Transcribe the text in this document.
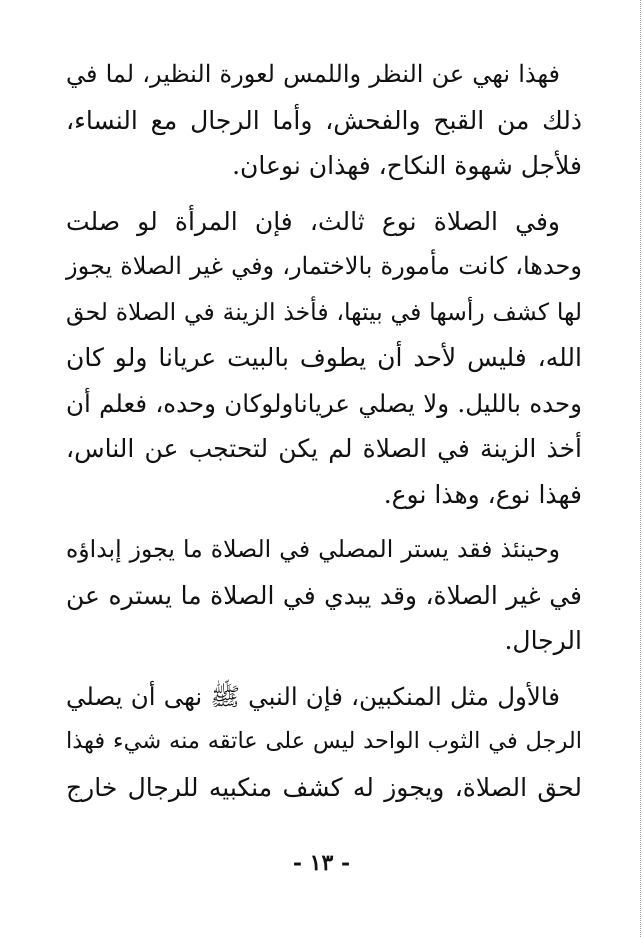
فهذا نهي عن النظر واللمس لعورة النظير، لما في
ذلك من القبح والفحش، وأما الرجال مع النساء،
فلأجل شهوة النكاح، فهذان نوعان.

وفي الصلاة نوع ثالث، فإن المرأة لو صلت
وحدها، كانت مأمورة بالاختمار، وفي غير الصلاة يجوز
لها كشف رأسها في بيتها، فأخذ الزينة في الصلاة لحق
الله، فليس لأحد أن يطوف بالبيت عريانا ولو كان
وحده بالليل. ولا يصلي عرياناولوكان وحده، فعلم أن
أخذ الزينة في الصلاة لم يكن لتحتجب عن الناس،
فهذا نوع، وهذا نوع.

وحينئذ فقد يستر المصلي في الصلاة ما يجوز إبداؤه
في غير الصلاة، وقد يبدي في الصلاة ما يستره عن
الرجال.

فالأول مثل المنكبين، فإن النبي ﷺ نهى أن يصلي
الرجل في الثوب الواحد ليس على عاتقه منه شيء فهذا
لحق الصلاة، ويجوز له كشف منكبيه للرجال خارج

- ١٣ -
